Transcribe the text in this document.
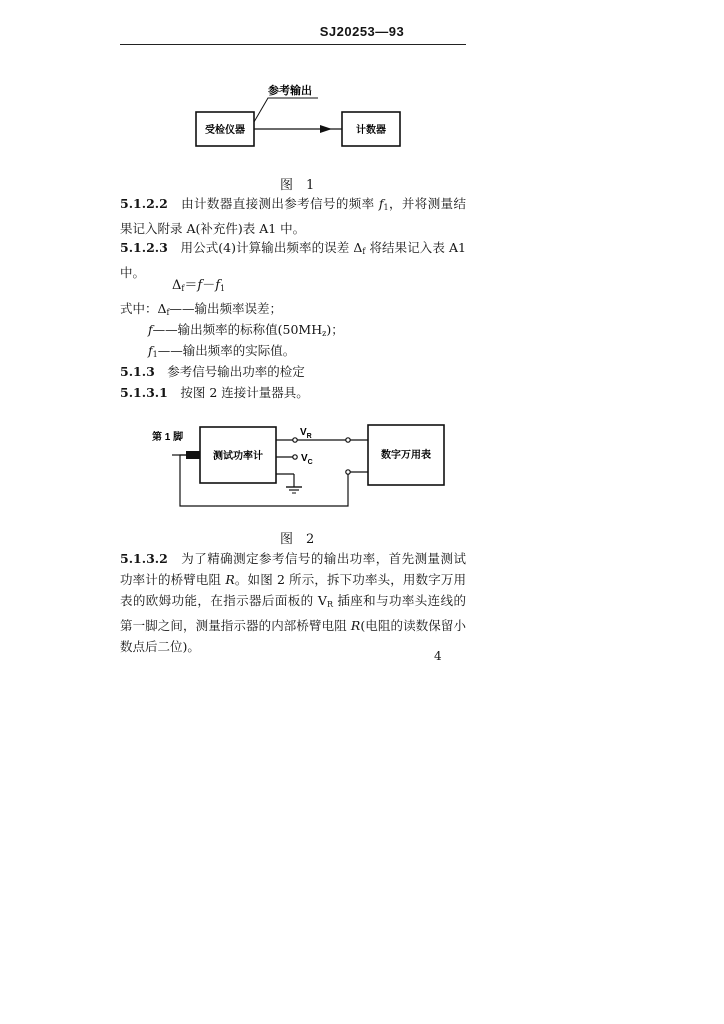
SJ20253—93
参考输出
受检仪器	计数器
图　1

5.1.2.2　由计数器直接测出参考信号的频率 $f_1$，并将测量结果记入附录 A(补充件)表 A1 中。

5.1.2.3　用公式(4)计算输出频率的误差 $\Delta_f$ 将结果记入表 A1 中。

$\Delta_f=f-f_1$
式中：$\Delta_f——$输出频率误差；
f——输出频率的标称值$(50MH_z)$；
$f_1——$输出频率的实际值。
5.1.3　参考信号输出功率的检定
5.1.3.1　按图 2 连接计量器具。
第 1 脚
测试功率计
$V_R$
$V_C$
数字万用表
图　2

5.1.3.2　为了精确测定参考信号的输出功率，首先测量测试功率计的桥臂电阻 R。如图 2 所示，拆下功率头，用数字万用表的欧姆功能，在指示器后面板的 $V_R$ 插座和与功率头连线的第一脚之间，测量指示器的内部桥臂电阻 R(电阻的读数保留小数点后二位)。

4
